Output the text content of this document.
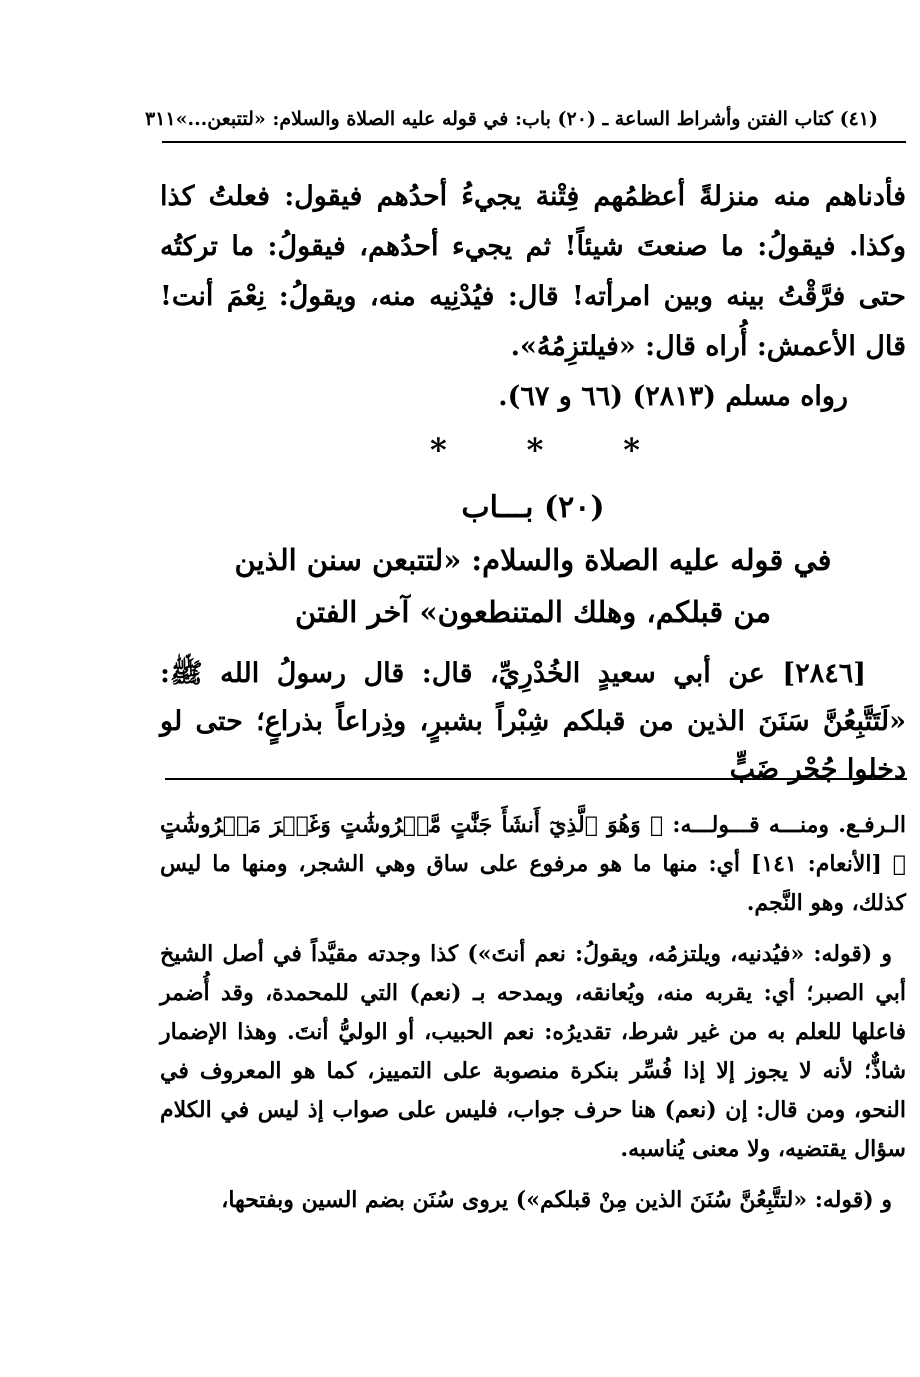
(٤١) كتاب الفتن وأشراط الساعة ـ (٢٠) باب: في قوله عليه الصلاة والسلام: «لتتبعن...»
٣١١

فأدناهم منه منزلةً أعظمُهم فِتْنة يجيءُ أحدُهم فيقول: فعلتُ كذا وكذا. فيقولُ: ما صنعتَ شيئاً! ثم يجيء أحدُهم، فيقولُ: ما تركتُه حتى فرَّقْتُ بينه وبين امرأته! قال: فيُدْنِيه منه، ويقولُ: نِعْمَ أنت! قال الأعمش: أُراه قال: «فيلتزِمُهُ».

رواه مسلم (٢٨١٣) (٦٦ و ٦٧).

* * *
(٢٠) بـــاب
في قوله عليه الصلاة والسلام: «لتتبعن سنن الذين
من قبلكم، وهلك المتنطعون» آخر الفتن

[٢٨٤٦] عن أبي سعيدٍ الخُدْرِيِّ، قال: قال رسولُ الله ﷺ: «لَتَتَّبِعُنَّ سَنَنَ الذين من قبلكم شِبْراً بشبرٍ، وذِراعاً بذراعٍ؛ حتى لو دخلوا جُحْر ضَبٍّ

الـرفـع. ومنـــه قـــولـــه: ﴿ وَهُوَ ٱلَّذِيٓ أَنشَأَ جَنَّٰتٍ مَّعۡرُوشَٰتٍ وَغَيۡرَ مَعۡرُوشَٰتٍ ﴾ [الأنعام: ١٤١] أي: منها ما هو مرفوع على ساق وهي الشجر، ومنها ما ليس كذلك، وهو النَّجم.

و (قوله: «فيُدنيه، ويلتزمُه، ويقولُ: نعم أنتَ») كذا وجدته مقيَّداً في أصل الشيخ أبي الصبر؛ أي: يقربه منه، ويُعانقه، ويمدحه بـ (نعم) التي للمحمدة، وقد أُضمر فاعلها للعلم به من غير شرط، تقديرُه: نعم الحبيب، أو الوليُّ أنتَ. وهذا الإضمار شاذٌّ؛ لأنه لا يجوز إلا إذا فُسِّر بنكرة منصوبة على التمييز، كما هو المعروف في النحو، ومن قال: إن (نعم) هنا حرف جواب، فليس على صواب إذ ليس في الكلام سؤال يقتضيه، ولا معنى يُناسبه.

و (قوله: «لتتَّبِعُنَّ سُنَنَ الذين مِنْ قبلكم») يروى سُنَن بضم السين وبفتحها،
